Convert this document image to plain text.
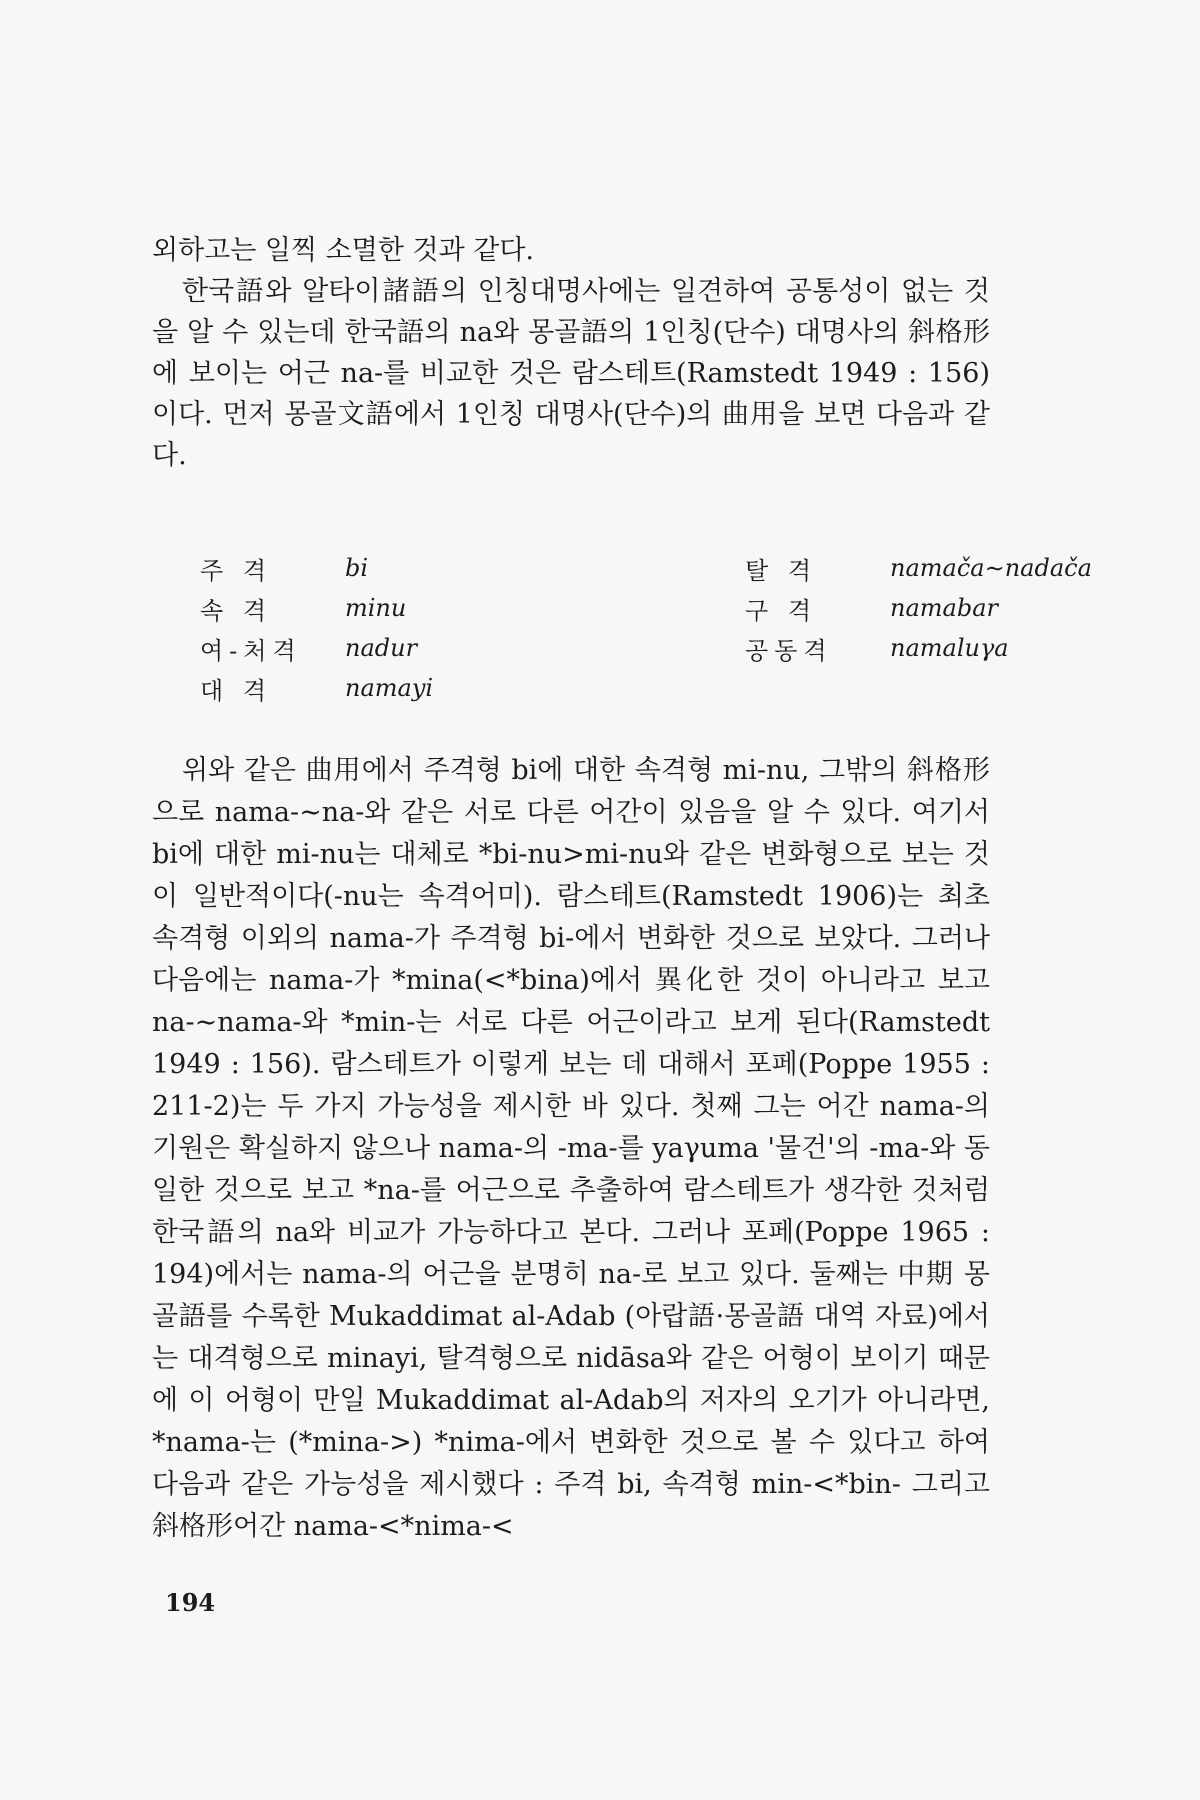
외하고는 일찍 소멸한 것과 같다.

한국語와 알타이諸語의 인칭대명사에는 일견하여 공통성이 없는 것을 알 수 있는데 한국語의 na와 몽골語의 1인칭(단수) 대명사의 斜格形에 보이는 어근 na-를 비교한 것은 람스테트(Ramstedt 1949 : 156)이다. 먼저 몽골文語에서 1인칭 대명사(단수)의 曲用을 보면 다음과 같다.

주 격	bi		탈 격	namača∼nadača
속 격	minu		구 격	namabar
여-처격	nadur		공동격	namaluγa
대 격	namayi			

위와 같은 曲用에서 주격형 bi에 대한 속격형 mi-nu, 그밖의 斜格形으로 nama-∼na-와 같은 서로 다른 어간이 있음을 알 수 있다. 여기서 bi에 대한 mi-nu는 대체로 *bi-nu>mi-nu와 같은 변화형으로 보는 것이 일반적이다(-nu는 속격어미). 람스테트(Ramstedt 1906)는 최초 속격형 이외의 nama-가 주격형 bi-에서 변화한 것으로 보았다. 그러나 다음에는 nama-가 *mina(<*bina)에서 異化한 것이 아니라고 보고 na-∼nama-와 *min-는 서로 다른 어근이라고 보게 된다(Ramstedt 1949 : 156). 람스테트가 이렇게 보는 데 대해서 포페(Poppe 1955 : 211-2)는 두 가지 가능성을 제시한 바 있다. 첫째 그는 어간 nama-의 기원은 확실하지 않으나 nama-의 -ma-를 yaγuma '물건'의 -ma-와 동일한 것으로 보고 *na-를 어근으로 추출하여 람스테트가 생각한 것처럼 한국語의 na와 비교가 가능하다고 본다. 그러나 포페(Poppe 1965 : 194)에서는 nama-의 어근을 분명히 na-로 보고 있다. 둘째는 中期 몽골語를 수록한 Mukaddimat al-Adab (아랍語·몽골語 대역 자료)에서는 대격형으로 minayi, 탈격형으로 nidāsa와 같은 어형이 보이기 때문에 이 어형이 만일 Mukaddimat al-Adab의 저자의 오기가 아니라면, *nama-는 (*mina->) *nima-에서 변화한 것으로 볼 수 있다고 하여 다음과 같은 가능성을 제시했다 : 주격 bi, 속격형 min-<*bin- 그리고 斜格形어간 nama-<*nima-<

194
